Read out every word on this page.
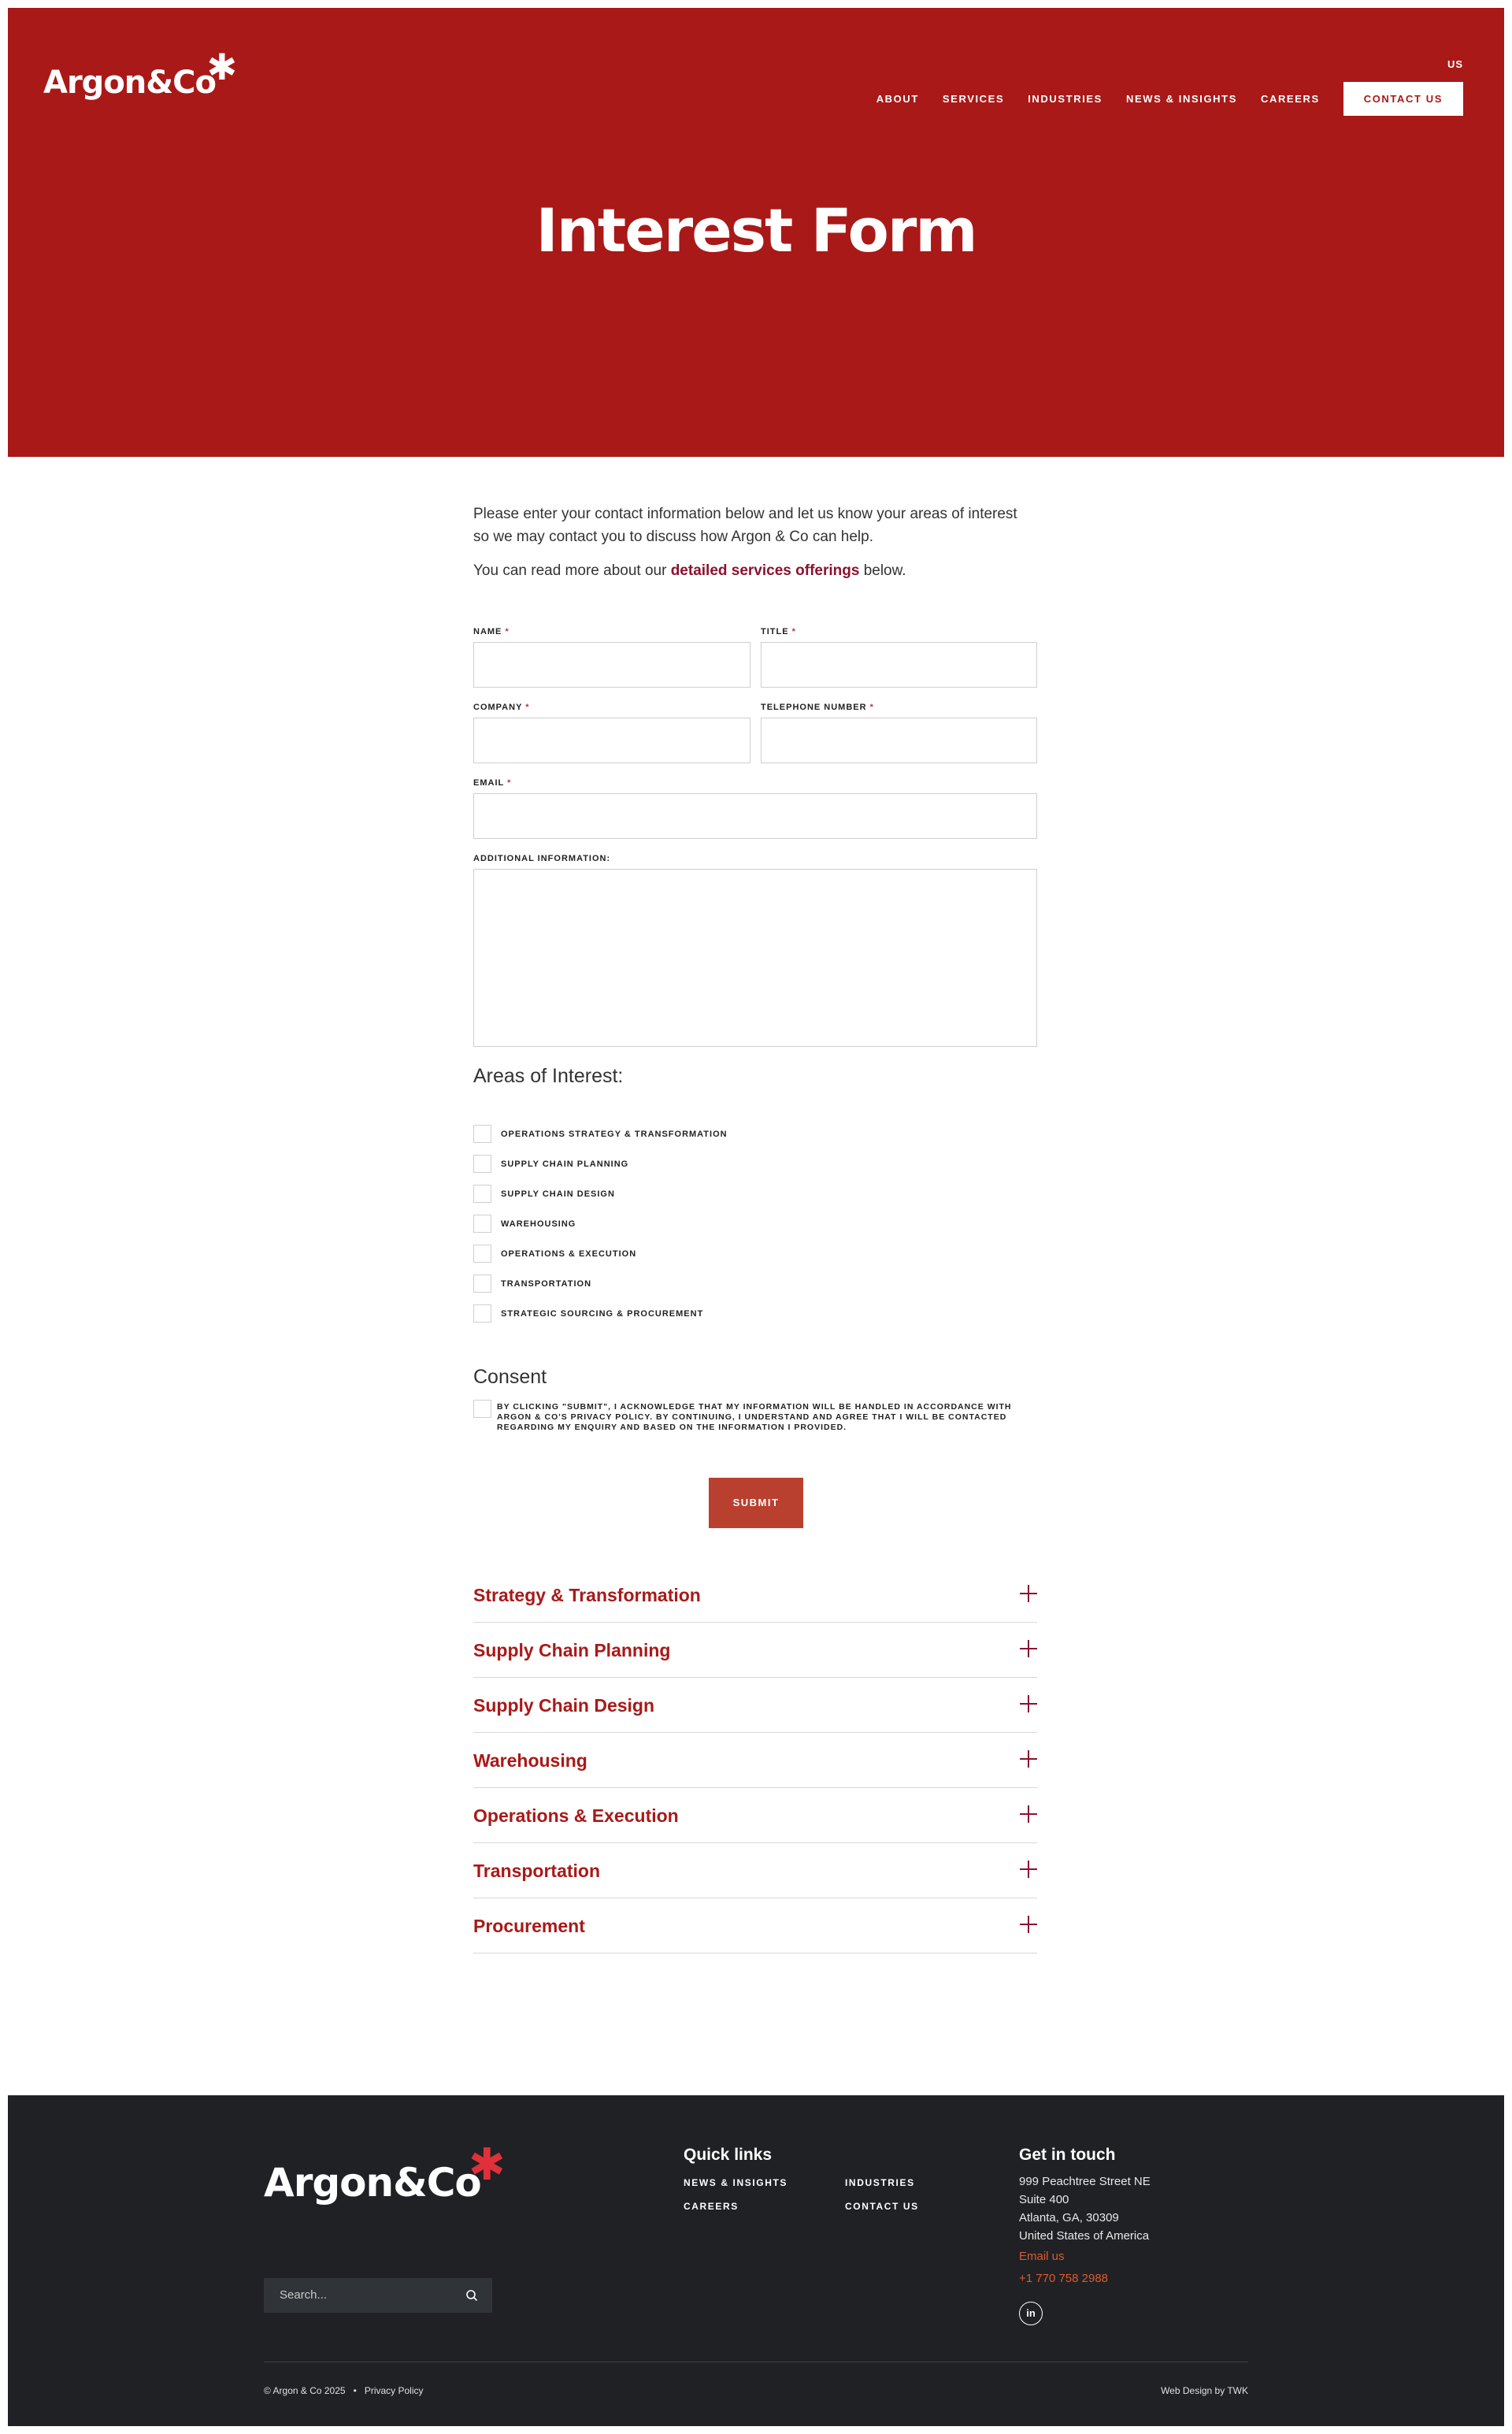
Argon&Co
✱	US
ABOUT SERVICES INDUSTRIES NEWS & INSIGHTS CAREERS	CONTACT US
Interest Form

Please enter your contact information below and let us know your areas of interest so we may contact you to discuss how Argon & Co can help.

You can read more about our detailed services offerings below.

NAME *	TITLE *
COMPANY *	TELEPHONE NUMBER *
EMAIL *
ADDITIONAL INFORMATION:
Areas of Interest:
OPERATIONS STRATEGY & TRANSFORMATION
SUPPLY CHAIN PLANNING
SUPPLY CHAIN DESIGN
WAREHOUSING
OPERATIONS & EXECUTION
TRANSPORTATION
STRATEGIC SOURCING & PROCUREMENT
Consent
BY CLICKING "SUBMIT", I ACKNOWLEDGE THAT MY INFORMATION WILL BE HANDLED IN ACCORDANCE WITH ARGON & CO'S PRIVACY POLICY. BY CONTINUING, I UNDERSTAND AND AGREE THAT I WILL BE CONTACTED REGARDING MY ENQUIRY AND BASED ON THE INFORMATION I PROVIDED.
SUBMIT
Strategy & Transformation
Supply Chain Planning
Supply Chain Design
Warehousing
Operations & Execution
Transportation
Procurement
Argon&Co
✱
Search...
Quick links
NEWS & INSIGHTS	INDUSTRIES
CAREERS	CONTACT US
Get in touch
999 Peachtree Street NE
Suite 400
Atlanta, GA, 30309
United States of America
Email us
+1 770 758 2988
in
© Argon & Co 2025 • Privacy Policy	Web Design by TWK
